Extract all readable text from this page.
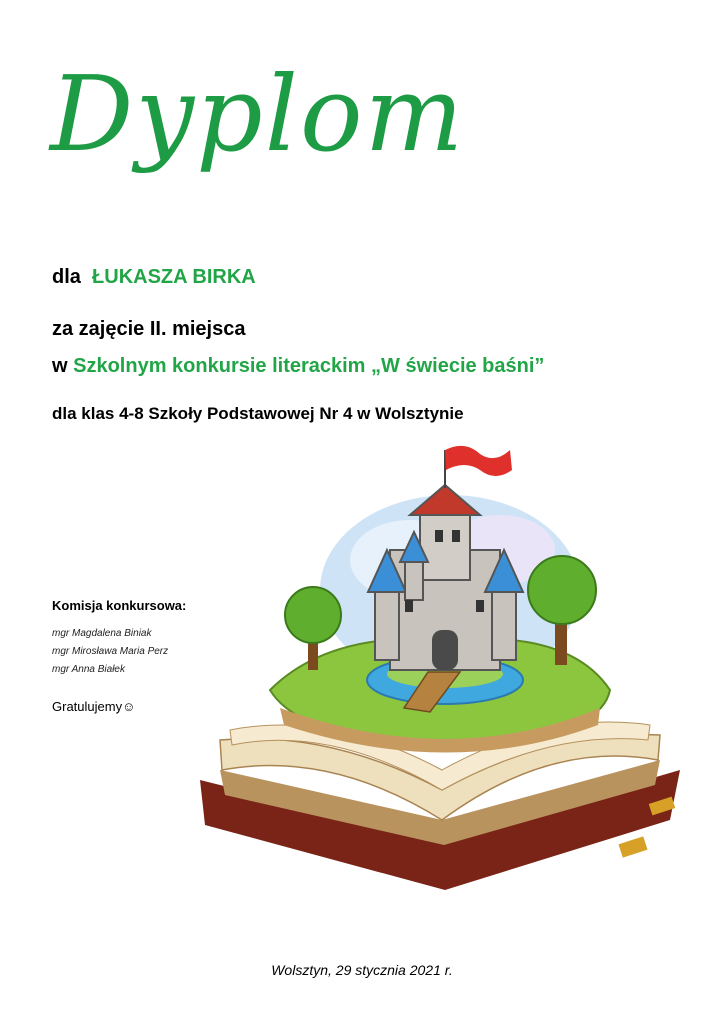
Dyplom
dla ŁUKASZA BIRKA
za zajęcie II. miejsca
w Szkolnym konkursie literackim „W świecie baśni”
dla klas 4-8 Szkoły Podstawowej Nr 4 w Wolsztynie
Komisja konkursowa:
mgr Magdalena Biniak
mgr Mirosława Maria Perz
mgr Anna Białek
Gratulujemy☺
Wolsztyn, 29 stycznia 2021 r.
